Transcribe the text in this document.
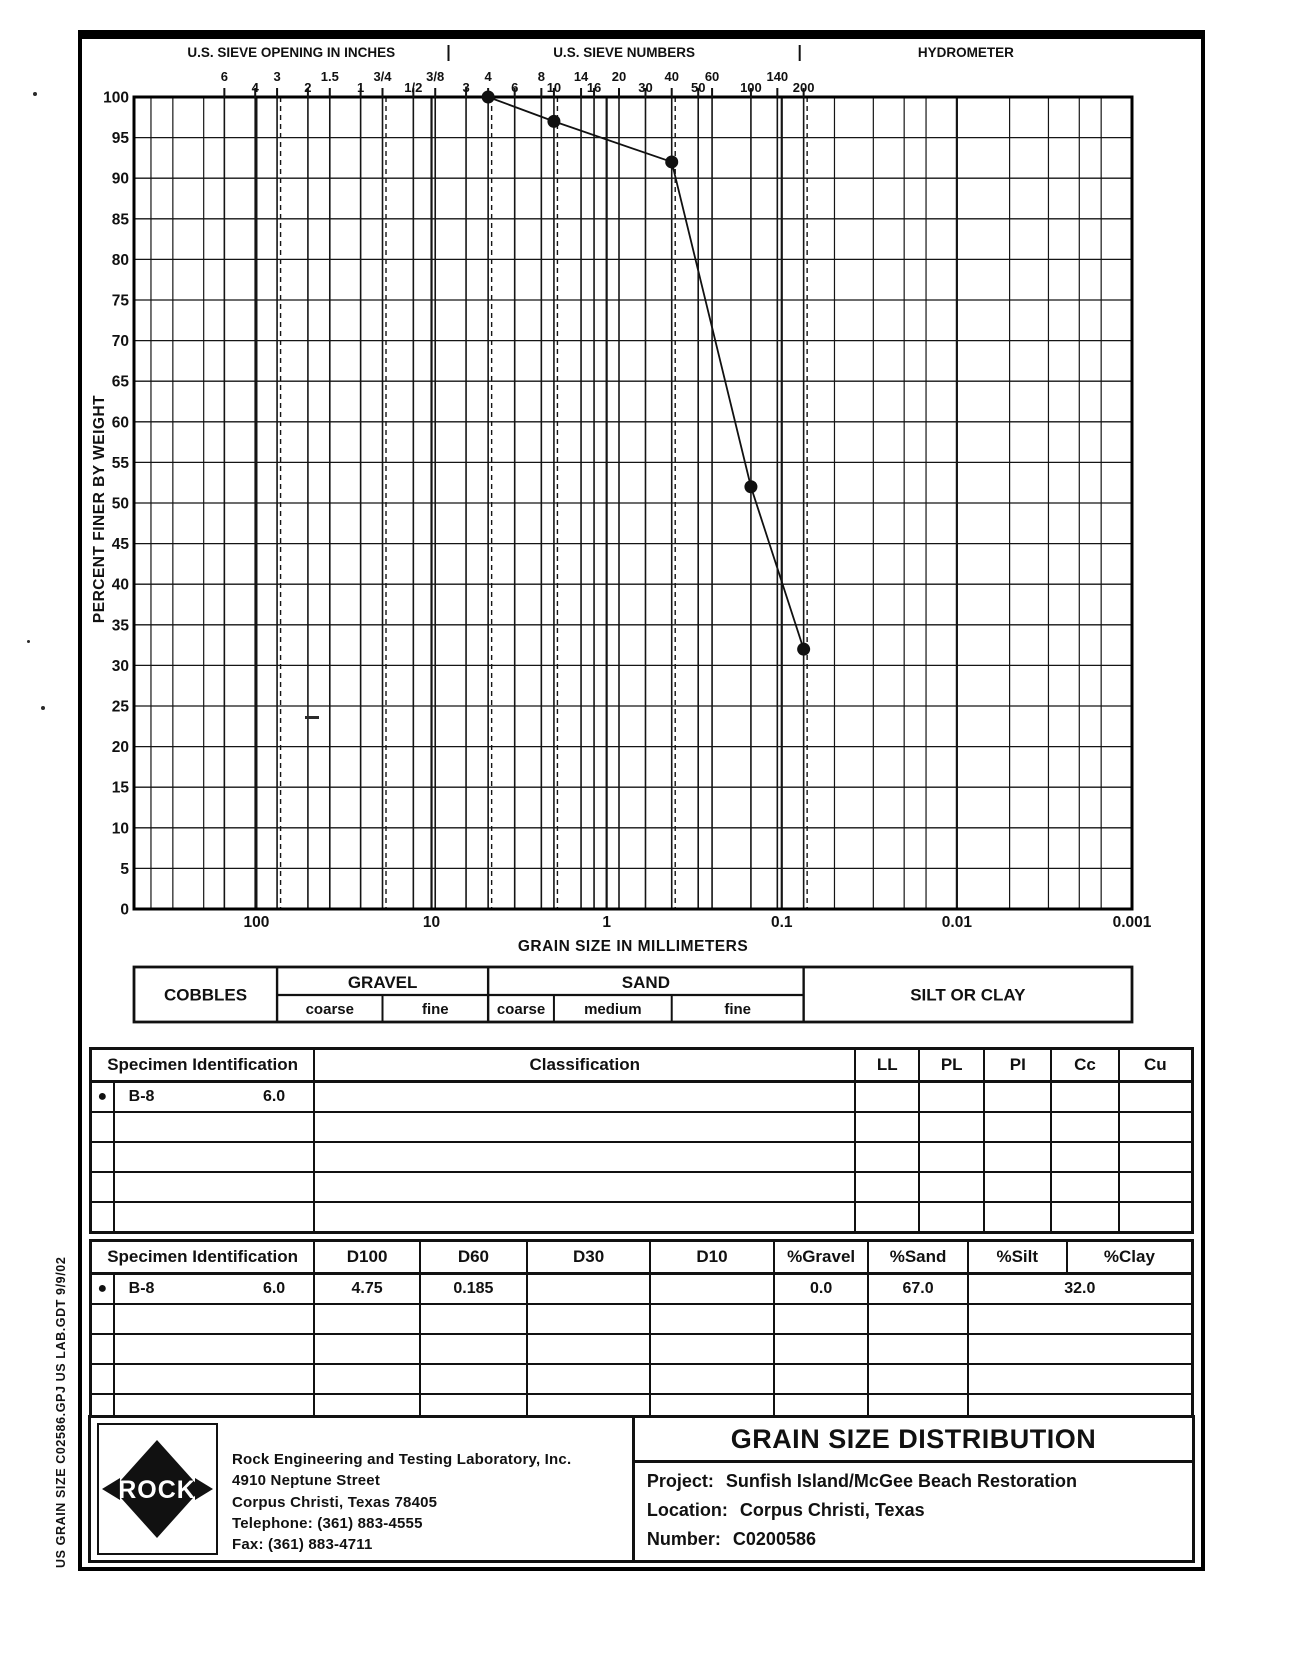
6
4
3
2
1.5
1
3/4
1/2
3/8
3
4
6
8
10
14
16
20
30
40
50
60
100
140
200
U.S. SIEVE OPENING IN INCHES	U.S. SIEVE NUMBERS	HYDROMETER
100
95
90
85
80
75
70
65
60
55
50
45
40
35
30
25
20
15
10
5
0
PERCENT FINER BY WEIGHT
100	10	1	0.1	0.01	0.001
GRAIN SIZE IN MILLIMETERS
COBBLES
GRAVEL
coarse	fine
SAND
coarse	medium	fine
SILT OR CLAY
Specimen Identification		Classification	LL	PL	PI	Cc	Cu
●	B-8 6.0						

Specimen Identification		D100	D60	D30	D10	%Gravel	%Sand	%Silt	%Clay
●	B-8 6.0	4.75	0.185			0.0	67.0	32.0	

ROCK
Rock Engineering and Testing Laboratory, Inc.
4910 Neptune Street
Corpus Christi, Texas 78405
Telephone: (361) 883-4555
Fax: (361) 883-4711
GRAIN SIZE DISTRIBUTION
Project: Sunfish Island/McGee Beach Restoration
Location: Corpus Christi, Texas
Number: C0200586
US GRAIN SIZE C02586.GPJ US LAB.GDT 9/9/02
